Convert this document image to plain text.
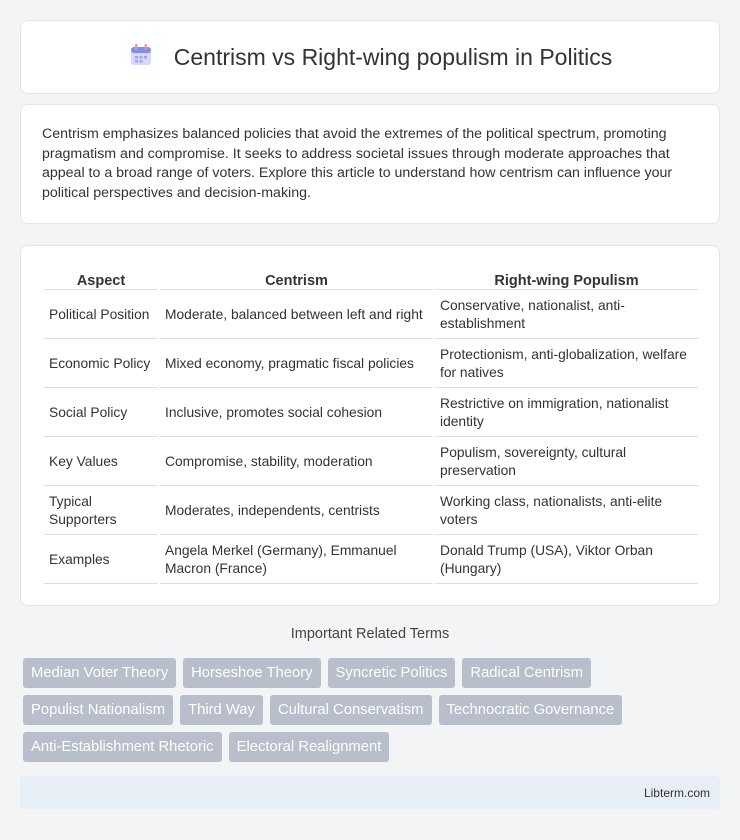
Centrism vs Right-wing populism in Politics

Centrism emphasizes balanced policies that avoid the extremes of the political spectrum, promoting pragmatism and compromise. It seeks to address societal issues through moderate approaches that appeal to a broad range of voters. Explore this article to understand how centrism can influence your political perspectives and decision-making.

Aspect	Centrism	Right-wing Populism
Political Position	Moderate, balanced between left and right	Conservative, nationalist, anti-establishment
Economic Policy	Mixed economy, pragmatic fiscal policies	Protectionism, anti-globalization, welfare for natives
Social Policy	Inclusive, promotes social cohesion	Restrictive on immigration, nationalist identity
Key Values	Compromise, stability, moderation	Populism, sovereignty, cultural preservation
Typical Supporters	Moderates, independents, centrists	Working class, nationalists, anti-elite voters
Examples	Angela Merkel (Germany), Emmanuel Macron (France)	Donald Trump (USA), Viktor Orban (Hungary)
Important Related Terms
Median Voter Theory	Horseshoe Theory	Syncretic Politics	Radical Centrism
Populist Nationalism	Third Way	Cultural Conservatism	Technocratic Governance
Anti-Establishment Rhetoric	Electoral Realignment
Libterm.com
